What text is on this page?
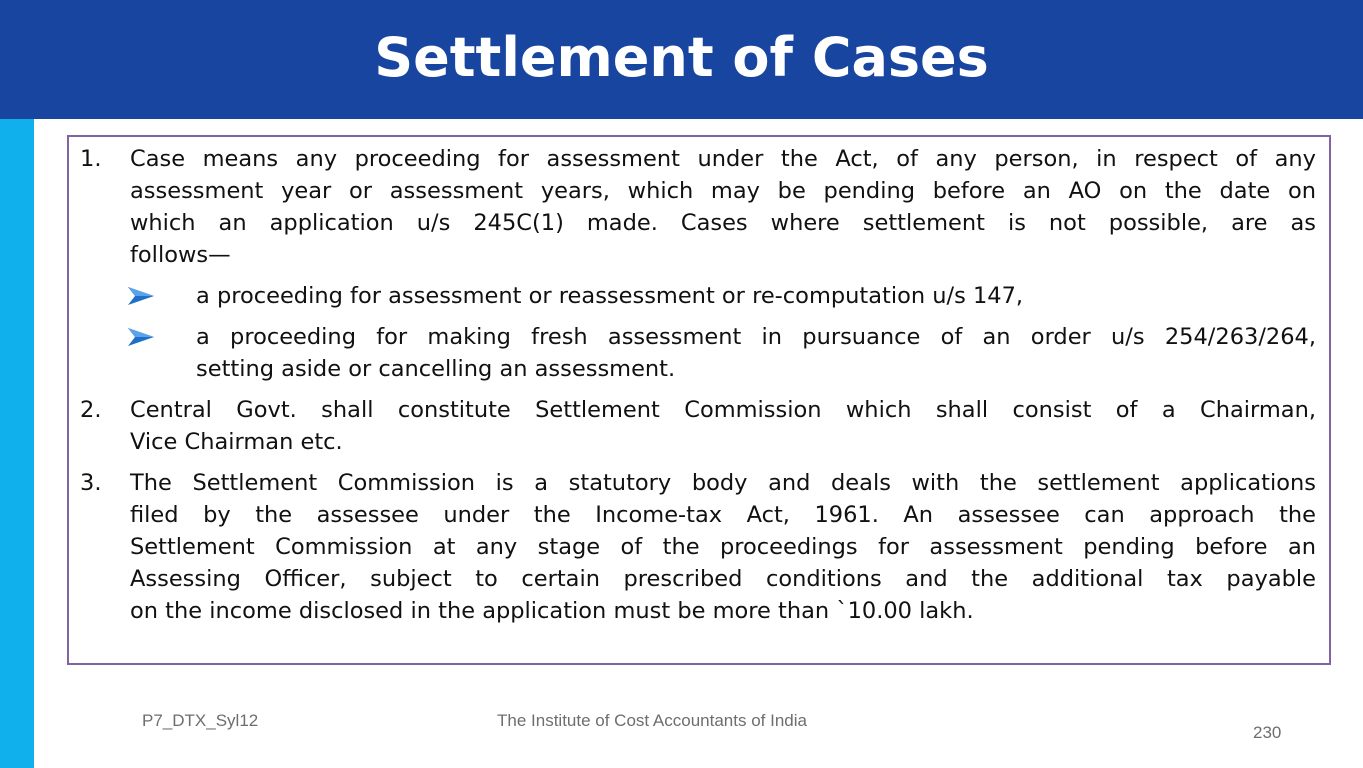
Settlement of Cases
1. Case means any proceeding for assessment under the Act, of any person, in respect of any
assessment year or assessment years, which may be pending before an AO on the date on
which an application u/s 245C(1) made. Cases where settlement is not possible, are as
follows—
a proceeding for assessment or reassessment or re-computation u/s 147,
a proceeding for making fresh assessment in pursuance of an order u/s 254/263/264,
setting aside or cancelling an assessment.
2. Central Govt. shall constitute Settlement Commission which shall consist of a Chairman,
Vice Chairman etc.
3. The Settlement Commission is a statutory body and deals with the settlement applications
filed by the assessee under the Income-tax Act, 1961. An assessee can approach the
Settlement Commission at any stage of the proceedings for assessment pending before an
Assessing Officer, subject to certain prescribed conditions and the additional tax payable
on the income disclosed in the application must be more than `10.00 lakh.
P7_DTX_Syl12	The Institute of Cost Accountants of India
230
